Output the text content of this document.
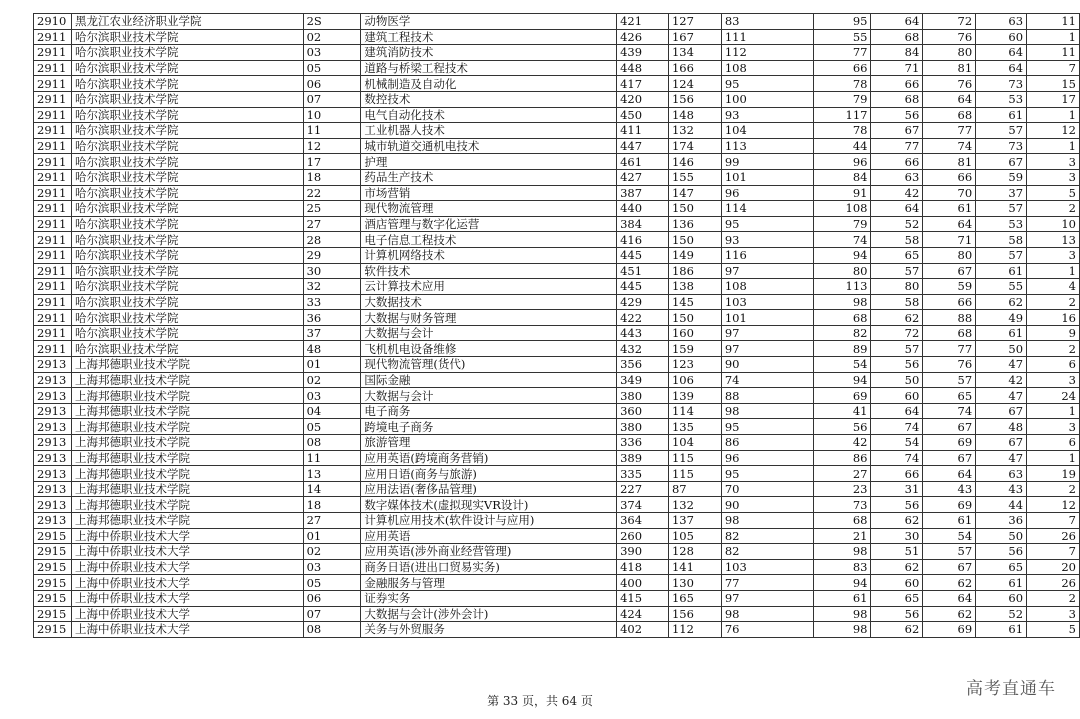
2910	黑龙江农业经济职业学院	2S	动物医学	421	127	83	95	64	72	63	11
2911	哈尔滨职业技术学院	02	建筑工程技术	426	167	111	55	68	76	60	1
2911	哈尔滨职业技术学院	03	建筑消防技术	439	134	112	77	84	80	64	11
2911	哈尔滨职业技术学院	05	道路与桥梁工程技术	448	166	108	66	71	81	64	7
2911	哈尔滨职业技术学院	06	机械制造及自动化	417	124	95	78	66	76	73	15
2911	哈尔滨职业技术学院	07	数控技术	420	156	100	79	68	64	53	17
2911	哈尔滨职业技术学院	10	电气自动化技术	450	148	93	117	56	68	61	1
2911	哈尔滨职业技术学院	11	工业机器人技术	411	132	104	78	67	77	57	12
2911	哈尔滨职业技术学院	12	城市轨道交通机电技术	447	174	113	44	77	74	73	1
2911	哈尔滨职业技术学院	17	护理	461	146	99	96	66	81	67	3
2911	哈尔滨职业技术学院	18	药品生产技术	427	155	101	84	63	66	59	3
2911	哈尔滨职业技术学院	22	市场营销	387	147	96	91	42	70	37	5
2911	哈尔滨职业技术学院	25	现代物流管理	440	150	114	108	64	61	57	2
2911	哈尔滨职业技术学院	27	酒店管理与数字化运营	384	136	95	79	52	64	53	10
2911	哈尔滨职业技术学院	28	电子信息工程技术	416	150	93	74	58	71	58	13
2911	哈尔滨职业技术学院	29	计算机网络技术	445	149	116	94	65	80	57	3
2911	哈尔滨职业技术学院	30	软件技术	451	186	97	80	57	67	61	1
2911	哈尔滨职业技术学院	32	云计算技术应用	445	138	108	113	80	59	55	4
2911	哈尔滨职业技术学院	33	大数据技术	429	145	103	98	58	66	62	2
2911	哈尔滨职业技术学院	36	大数据与财务管理	422	150	101	68	62	88	49	16
2911	哈尔滨职业技术学院	37	大数据与会计	443	160	97	82	72	68	61	9
2911	哈尔滨职业技术学院	48	飞机机电设备维修	432	159	97	89	57	77	50	2
2913	上海邦德职业技术学院	01	现代物流管理(货代)	356	123	90	54	56	76	47	6
2913	上海邦德职业技术学院	02	国际金融	349	106	74	94	50	57	42	3
2913	上海邦德职业技术学院	03	大数据与会计	380	139	88	69	60	65	47	24
2913	上海邦德职业技术学院	04	电子商务	360	114	98	41	64	74	67	1
2913	上海邦德职业技术学院	05	跨境电子商务	380	135	95	56	74	67	48	3
2913	上海邦德职业技术学院	08	旅游管理	336	104	86	42	54	69	67	6
2913	上海邦德职业技术学院	11	应用英语(跨境商务营销)	389	115	96	86	74	67	47	1
2913	上海邦德职业技术学院	13	应用日语(商务与旅游)	335	115	95	27	66	64	63	19
2913	上海邦德职业技术学院	14	应用法语(奢侈品管理)	227	87	70	23	31	43	43	2
2913	上海邦德职业技术学院	18	数字媒体技术(虚拟现实VR设计)	374	132	90	73	56	69	44	12
2913	上海邦德职业技术学院	27	计算机应用技术(软件设计与应用)	364	137	98	68	62	61	36	7
2915	上海中侨职业技术大学	01	应用英语	260	105	82	21	30	54	50	26
2915	上海中侨职业技术大学	02	应用英语(涉外商业经营管理)	390	128	82	98	51	57	56	7
2915	上海中侨职业技术大学	03	商务日语(进出口贸易实务)	418	141	103	83	62	67	65	20
2915	上海中侨职业技术大学	05	金融服务与管理	400	130	77	94	60	62	61	26
2915	上海中侨职业技术大学	06	证券实务	415	165	97	61	65	64	60	2
2915	上海中侨职业技术大学	07	大数据与会计(涉外会计)	424	156	98	98	56	62	52	3
2915	上海中侨职业技术大学	08	关务与外贸服务	402	112	76	98	62	69	61	5
第 33 页，共 64 页
高考直通车
